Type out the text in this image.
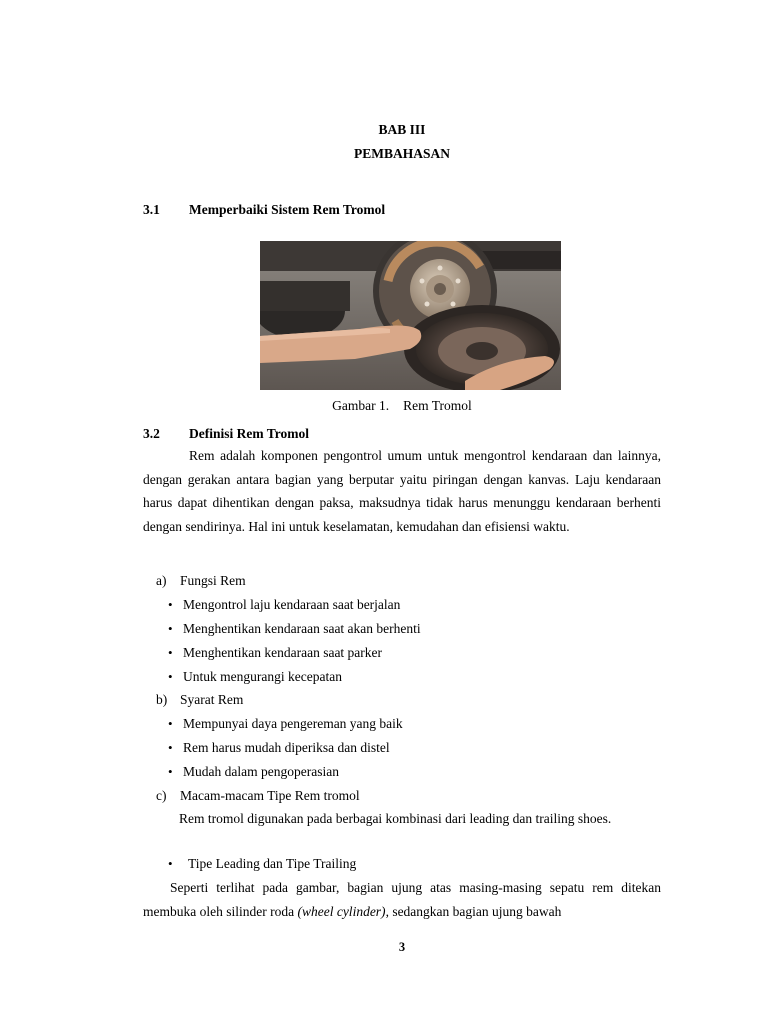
BAB III
PEMBAHASAN
3.1 Memperbaiki Sistem Rem Tromol
Gambar 1. Rem Tromol
3.2 Definisi Rem Tromol

Rem adalah komponen pengontrol umum untuk mengontrol kendaraan dan lainnya, dengan gerakan antara bagian yang berputar yaitu piringan dengan kanvas. Laju kendaraan harus dapat dihentikan dengan paksa, maksudnya tidak harus menunggu kendaraan berhenti dengan sendirinya. Hal ini untuk keselamatan, kemudahan dan efisiensi waktu.

a) Fungsi Rem
• Mengontrol laju kendaraan saat berjalan
• Menghentikan kendaraan saat akan berhenti
• Menghentikan kendaraan saat parker
• Untuk mengurangi kecepatan
b) Syarat Rem
• Mempunyai daya pengereman yang baik
• Rem harus mudah diperiksa dan distel
• Mudah dalam pengoperasian
c) Macam-macam Tipe Rem tromol

Rem tromol digunakan pada berbagai kombinasi dari leading dan trailing shoes.

• Tipe Leading dan Tipe Trailing

Seperti terlihat pada gambar, bagian ujung atas masing-masing sepatu rem ditekan membuka oleh silinder roda (wheel cylinder), sedangkan bagian ujung bawah

3
